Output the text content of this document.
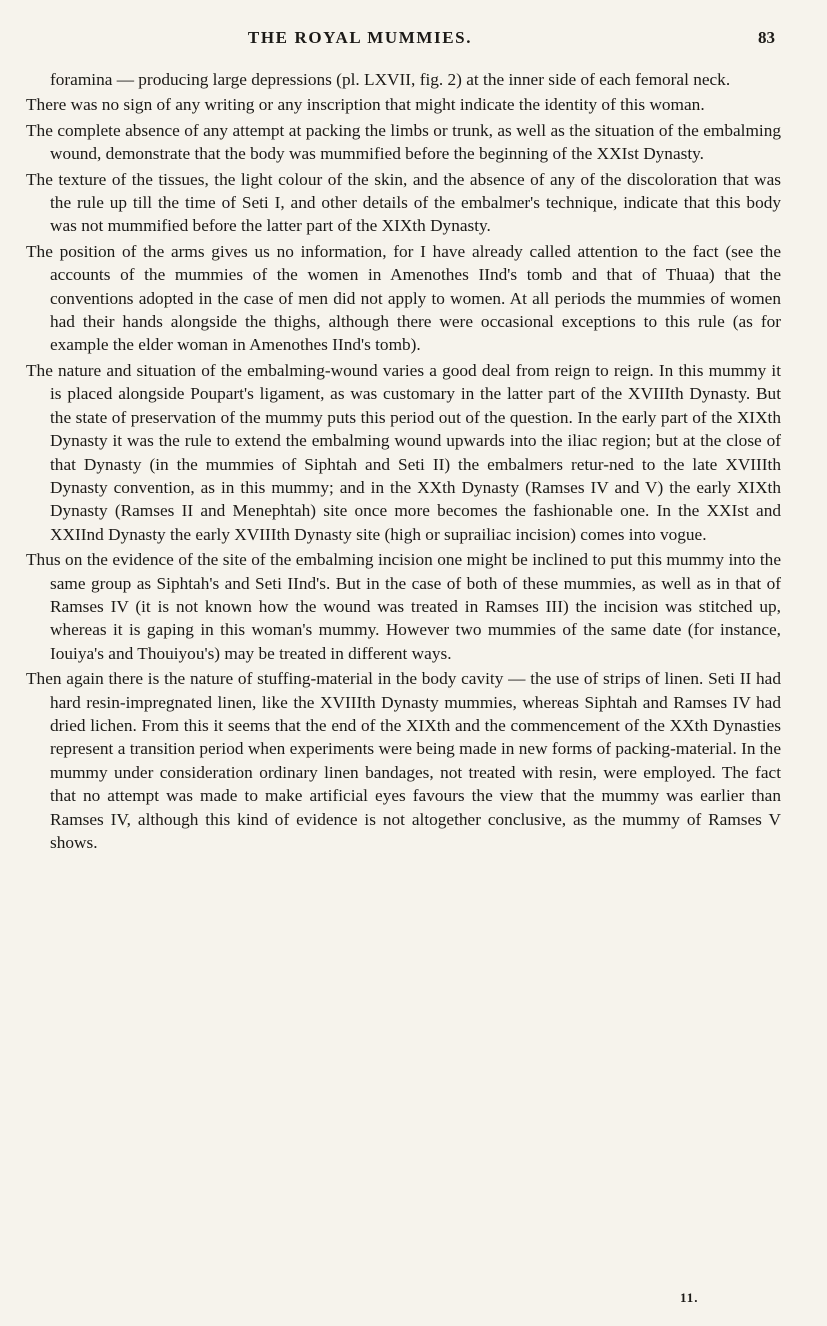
THE ROYAL MUMMIES.	83

foramina — producing large depressions (pl. LXVII, fig. 2) at the inner side of each femoral neck.

There was no sign of any writing or any inscription that might indicate the identity of this woman.

The complete absence of any attempt at packing the limbs or trunk, as well as the situation of the embalming wound, demonstrate that the body was mummified before the beginning of the XXIst Dynasty.

The texture of the tissues, the light colour of the skin, and the absence of any of the discoloration that was the rule up till the time of Seti I, and other details of the embalmer's technique, indicate that this body was not mummified before the latter part of the XIXth Dynasty.

The position of the arms gives us no information, for I have already called attention to the fact (see the accounts of the mummies of the women in Amenothes IInd's tomb and that of Thuaa) that the conventions adopted in the case of men did not apply to women. At all periods the mummies of women had their hands alongside the thighs, although there were occasional exceptions to this rule (as for example the elder woman in Amenothes IInd's tomb).

The nature and situation of the embalming-wound varies a good deal from reign to reign. In this mummy it is placed alongside Poupart's ligament, as was customary in the latter part of the XVIIIth Dynasty. But the state of preservation of the mummy puts this period out of the question. In the early part of the XIXth Dynasty it was the rule to extend the embalming wound upwards into the iliac region; but at the close of that Dynasty (in the mummies of Siphtah and Seti II) the embalmers retur-ned to the late XVIIIth Dynasty convention, as in this mummy; and in the XXth Dynasty (Ramses IV and V) the early XIXth Dynasty (Ramses II and Menephtah) site once more becomes the fashionable one. In the XXIst and XXIInd Dynasty the early XVIIIth Dynasty site (high or suprailiac incision) comes into vogue.

Thus on the evidence of the site of the embalming incision one might be inclined to put this mummy into the same group as Siphtah's and Seti IInd's. But in the case of both of these mummies, as well as in that of Ramses IV (it is not known how the wound was treated in Ramses III) the incision was stitched up, whereas it is gaping in this woman's mummy. However two mummies of the same date (for instance, Iouiya's and Thouiyou's) may be treated in different ways.

Then again there is the nature of stuffing-material in the body cavity — the use of strips of linen. Seti II had hard resin-impregnated linen, like the XVIIIth Dynasty mummies, whereas Siphtah and Ramses IV had dried lichen. From this it seems that the end of the XIXth and the commencement of the XXth Dynasties represent a transition period when experiments were being made in new forms of packing-material. In the mummy under consideration ordinary linen bandages, not treated with resin, were employed. The fact that no attempt was made to make artificial eyes favours the view that the mummy was earlier than Ramses IV, although this kind of evidence is not altogether conclusive, as the mummy of Ramses V shows.

11.
